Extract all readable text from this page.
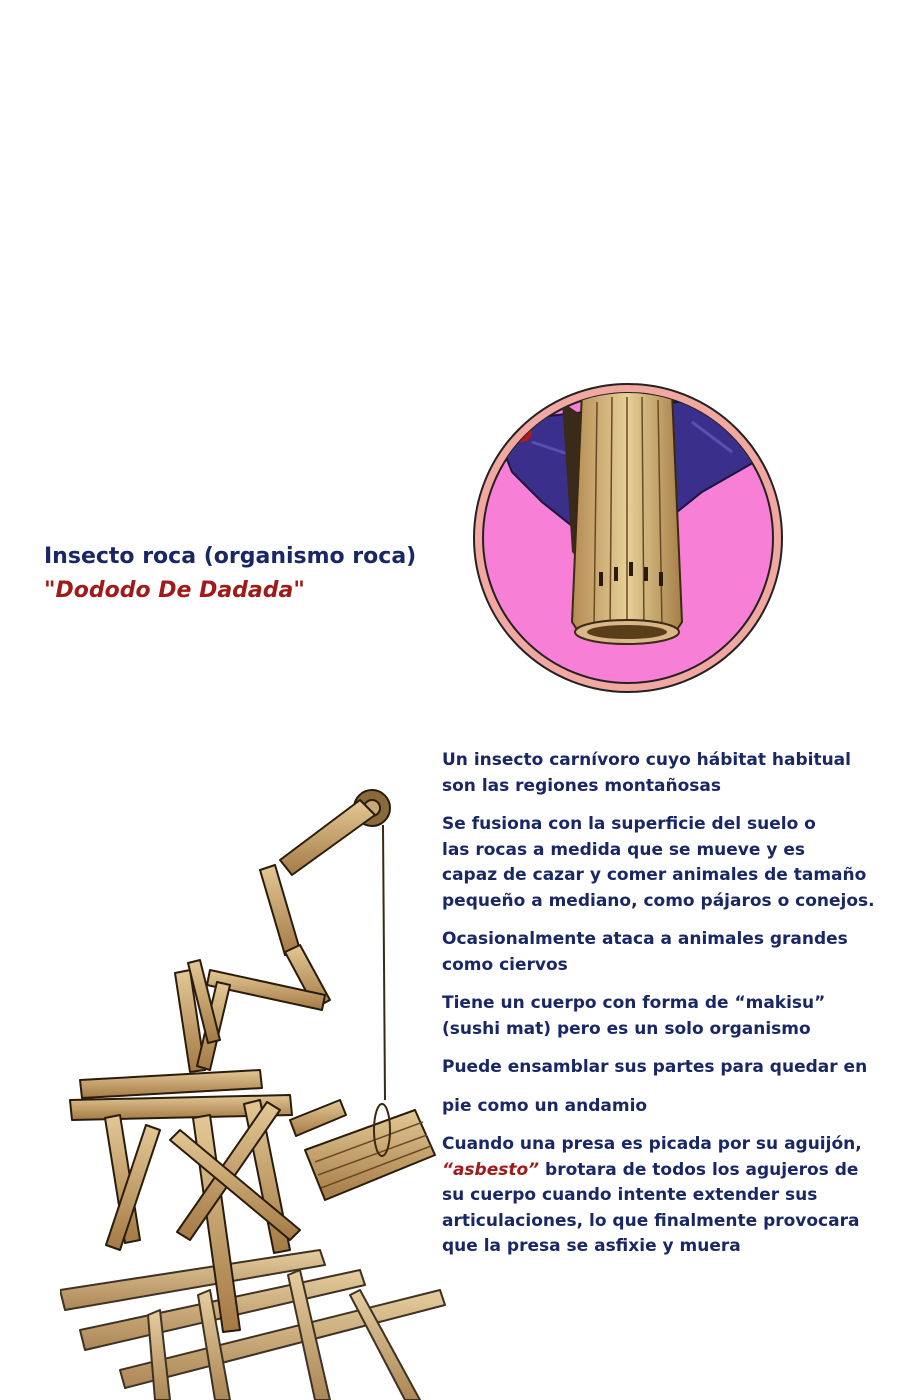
Insecto roca (organismo roca)
"Dododo De Dadada"

Un insecto carnívoro cuyo hábitat habitual
son las regiones montañosas

Se fusiona con la superficie del suelo o
las rocas a medida que se mueve y es
capaz de cazar y comer animales de tamaño
pequeño a mediano, como pájaros o conejos.

Ocasionalmente ataca a animales grandes
como ciervos

Tiene un cuerpo con forma de “makisu”
(sushi mat) pero es un solo organismo

Puede ensamblar sus partes para quedar en

pie como un andamio

Cuando una presa es picada por su aguijón,
“asbesto” brotara de todos los agujeros de
su cuerpo cuando intente extender sus
articulaciones, lo que finalmente provocara
que la presa se asfixie y muera
